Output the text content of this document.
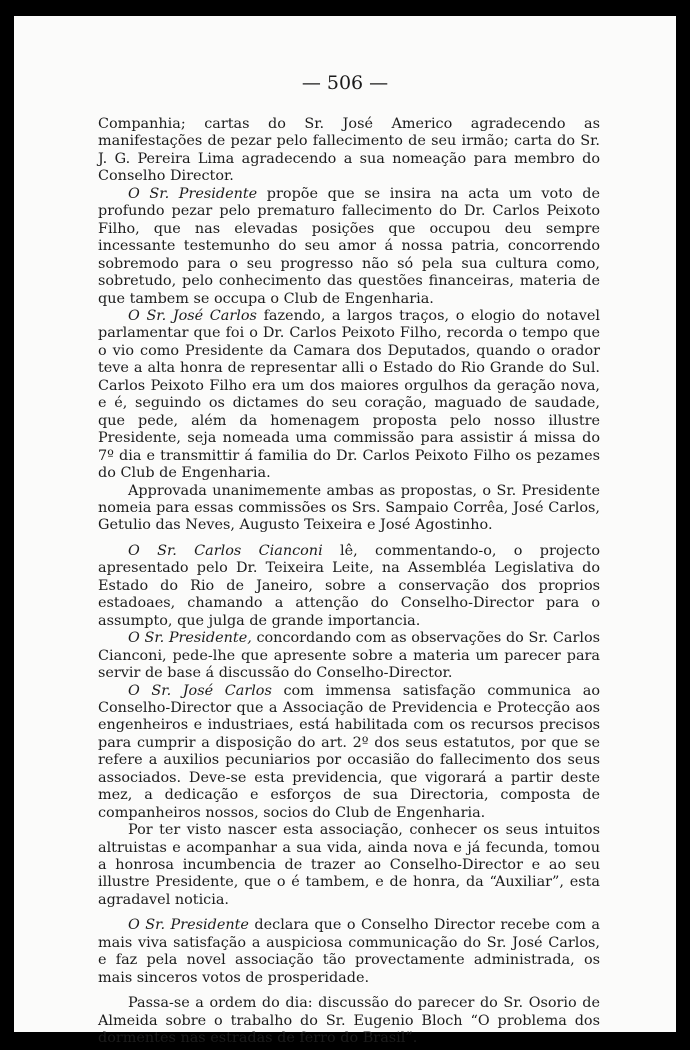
— 506 —

Companhia; cartas do Sr. José Americo agradecendo as manifestações de pezar pelo fallecimento de seu irmão; carta do Sr. J. G. Pereira Lima agradecendo a sua nomeação para membro do Conselho Director.

O Sr. Presidente propõe que se insira na acta um voto de profundo pezar pelo prematuro fallecimento do Dr. Carlos Peixoto Filho, que nas elevadas posições que occupou deu sempre incessante testemunho do seu amor á nossa patria, concorrendo sobremodo para o seu progresso não só pela sua cultura como, sobretudo, pelo conhecimento das questões financeiras, materia de que tambem se occupa o Club de Engenharia.

O Sr. José Carlos fazendo, a largos traços, o elogio do notavel parlamentar que foi o Dr. Carlos Peixoto Filho, recorda o tempo que o vio como Presidente da Camara dos Deputados, quando o orador teve a alta honra de representar alli o Estado do Rio Grande do Sul. Carlos Peixoto Filho era um dos maiores orgulhos da geração nova, e é, seguindo os dictames do seu coração, maguado de saudade, que pede, além da homenagem proposta pelo nosso illustre Presidente, seja nomeada uma commissão para assistir á missa do 7º dia e transmittir á familia do Dr. Carlos Peixoto Filho os pezames do Club de Engenharia.

Approvada unanimemente ambas as propostas, o Sr. Presidente nomeia para essas commissões os Srs. Sampaio Corrêa, José Carlos, Getulio das Neves, Augusto Teixeira e José Agostinho.

O Sr. Carlos Cianconi lê, commentando-o, o projecto apresentado pelo Dr. Teixeira Leite, na Assembléa Legislativa do Estado do Rio de Janeiro, sobre a conservação dos proprios estadoaes, chamando a attenção do Conselho-Director para o assumpto, que julga de grande importancia.

O Sr. Presidente, concordando com as observações do Sr. Carlos Cianconi, pede-lhe que apresente sobre a materia um parecer para servir de base á discussão do Conselho-Director.

O Sr. José Carlos com immensa satisfação communica ao Conselho-Director que a Associação de Previdencia e Protecção aos engenheiros e industriaes, está habilitada com os recursos precisos para cumprir a disposição do art. 2º dos seus estatutos, por que se refere a auxilios pecuniarios por occasião do fallecimento dos seus associados. Deve-se esta previdencia, que vigorará a partir deste mez, a dedicação e esforços de sua Directoria, composta de companheiros nossos, socios do Club de Engenharia.

Por ter visto nascer esta associação, conhecer os seus intuitos altruistas e acompanhar a sua vida, ainda nova e já fecunda, tomou a honrosa incumbencia de trazer ao Conselho-Director e ao seu illustre Presidente, que o é tambem, e de honra, da “Auxiliar”, esta agradavel noticia.

O Sr. Presidente declara que o Conselho Director recebe com a mais viva satisfação a auspiciosa communicação do Sr. José Carlos, e faz pela novel associação tão provectamente administrada, os mais sinceros votos de prosperidade.

Passa-se a ordem do dia: discussão do parecer do Sr. Osorio de Almeida sobre o trabalho do Sr. Eugenio Bloch “O problema dos dormentes nas estradas de ferro do Brasil”.
